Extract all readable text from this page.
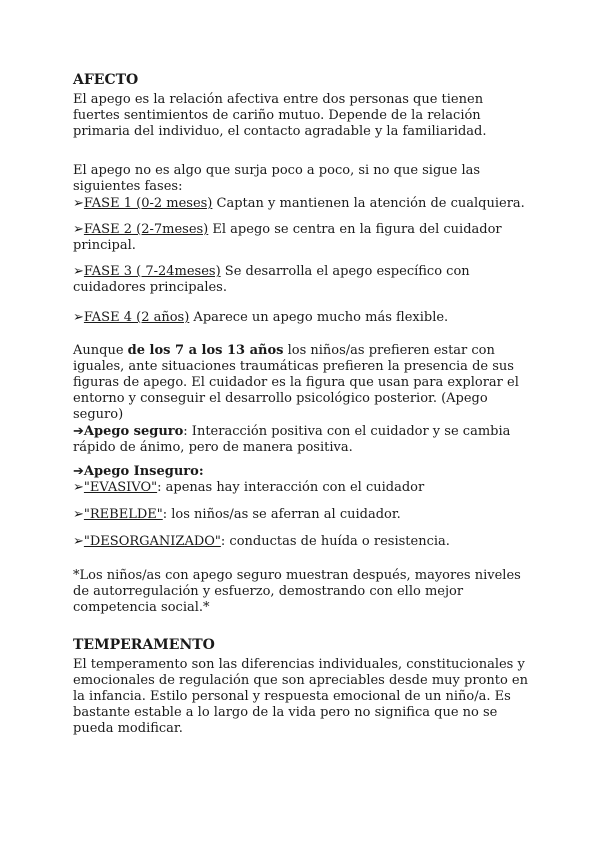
AFECTO

El apego es la relación afectiva entre dos personas que tienen fuertes sentimientos de cariño mutuo. Depende de la relación primaria del individuo, el contacto agradable y la familiaridad.

El apego no es algo que surja poco a poco, si no que sigue las siguientes fases:

➢FASE 1 (0-2 meses) Captan y mantienen la atención de cualquiera.

➢FASE 2 (2-7meses) El apego se centra en la figura del cuidador principal.

➢FASE 3 ( 7-24meses) Se desarrolla el apego específico con cuidadores principales.

➢FASE 4 (2 años) Aparece un apego mucho más flexible.

Aunque de los 7 a los 13 años los niños/as prefieren estar con iguales, ante situaciones traumáticas prefieren la presencia de sus figuras de apego. El cuidador es la figura que usan para explorar el entorno y conseguir el desarrollo psicológico posterior. (Apego seguro)

➔Apego seguro: Interacción positiva con el cuidador y se cambia rápido de ánimo, pero de manera positiva.

➔Apego Inseguro:

➢"EVASIVO": apenas hay interacción con el cuidador

➢"REBELDE": los niños/as se aferran al cuidador.

➢"DESORGANIZADO": conductas de huída o resistencia.

*Los niños/as con apego seguro muestran después, mayores niveles de autorregulación y esfuerzo, demostrando con ello mejor competencia social.*

TEMPERAMENTO

El temperamento son las diferencias individuales, constitucionales y emocionales de regulación que son apreciables desde muy pronto en la infancia. Estilo personal y respuesta emocional de un niño/a. Es bastante estable a lo largo de la vida pero no significa que no se pueda modificar.
